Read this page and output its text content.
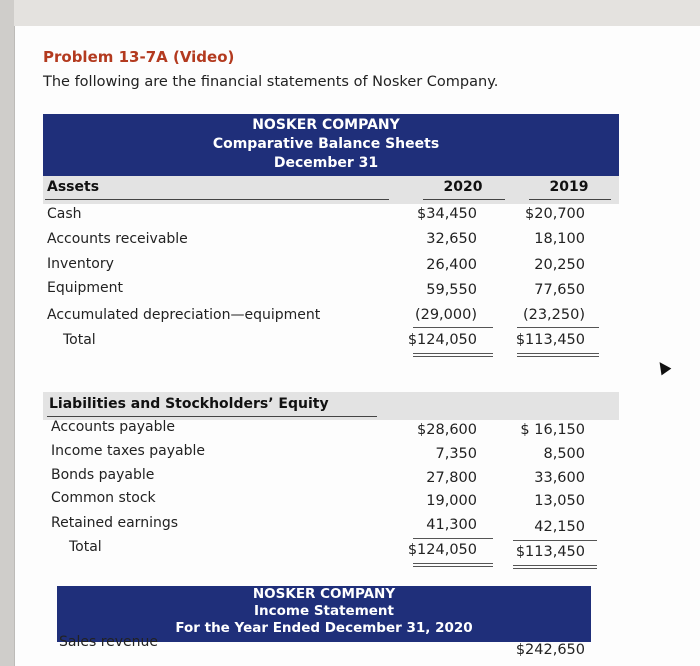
Problem 13-7A (Video)
The following are the financial statements of Nosker Company.
NOSKER COMPANY
Comparative Balance Sheets
December 31
Assets	2020	2019
Cash	$34,450	$20,700
Accounts receivable	32,650	18,100
Inventory	26,400	20,250
Equipment	59,550	77,650
Accumulated depreciation—equipment	(29,000)	(23,250)
Total	$124,050	$113,450
Liabilities and Stockholders’ Equity
Accounts payable	$28,600	$ 16,150
Income taxes payable	7,350	8,500
Bonds payable	27,800	33,600
Common stock	19,000	13,050
Retained earnings	41,300	42,150
Total	$124,050	$113,450
NOSKER COMPANY
Income Statement
For the Year Ended December 31, 2020
Sales revenue	$242,650
